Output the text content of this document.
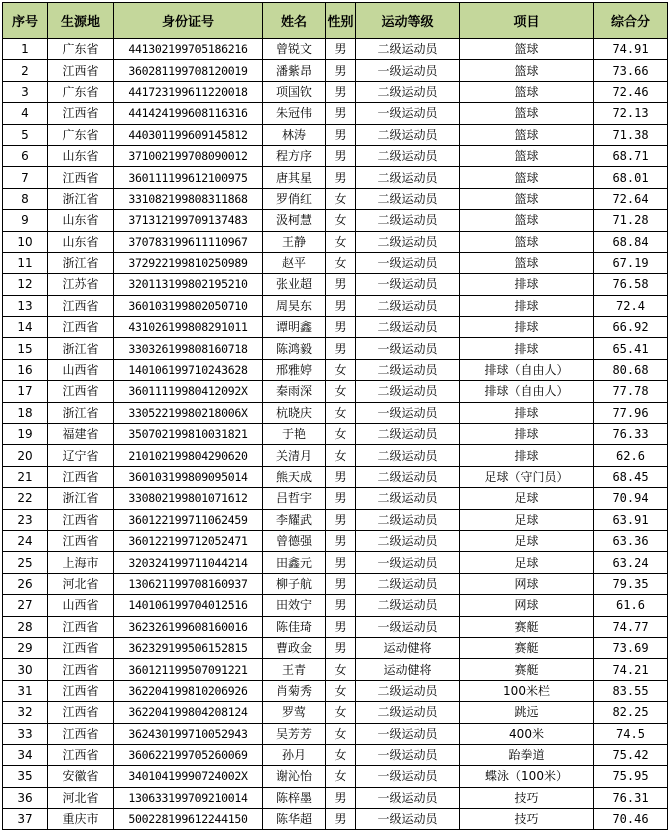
序号	生源地	身份证号	姓名	性别	运动等级	项目	综合分
1	广东省	441302199705186216	曾锐文	男	二级运动员	篮球	74.91
2	江西省	360281199708120019	潘紫昂	男	一级运动员	篮球	73.66
3	广东省	441723199611220018	项国钦	男	二级运动员	篮球	72.46
4	江西省	441424199608116316	朱冠伟	男	一级运动员	篮球	72.13
5	广东省	440301199609145812	林涛	男	二级运动员	篮球	71.38
6	山东省	371002199708090012	程方序	男	二级运动员	篮球	68.71
7	江西省	360111199612100975	唐其星	男	二级运动员	篮球	68.01
8	浙江省	331082199808311868	罗俏红	女	二级运动员	篮球	72.64
9	山东省	371312199709137483	汲柯慧	女	二级运动员	篮球	71.28
10	山东省	370783199611110967	王静	女	二级运动员	篮球	68.84
11	浙江省	372922199810250989	赵平	女	一级运动员	篮球	67.19
12	江苏省	320113199802195210	张业超	男	一级运动员	排球	76.58
13	江西省	360103199802050710	周昊东	男	二级运动员	排球	72.4
14	江西省	431026199808291011	谭明鑫	男	二级运动员	排球	66.92
15	浙江省	330326199808160718	陈鸿毅	男	一级运动员	排球	65.41
16	山西省	140106199710243628	邢雅婷	女	二级运动员	排球（自由人）	80.68
17	江西省	36011119980412092X	秦雨深	女	二级运动员	排球（自由人）	77.78
18	浙江省	33052219980218006X	杭晓庆	女	一级运动员	排球	77.96
19	福建省	350702199810031821	于艳	女	二级运动员	排球	76.33
20	辽宁省	210102199804290620	关清月	女	二级运动员	排球	62.6
21	江西省	360103199809095014	熊天成	男	二级运动员	足球（守门员）	68.45
22	浙江省	330802199801071612	吕哲宇	男	二级运动员	足球	70.94
23	江西省	360122199711062459	李耀武	男	二级运动员	足球	63.91
24	江西省	360122199712052471	曾德强	男	二级运动员	足球	63.36
25	上海市	320324199711044214	田鑫元	男	一级运动员	足球	63.24
26	河北省	130621199708160937	柳子航	男	二级运动员	网球	79.35
27	山西省	140106199704012516	田效宁	男	二级运动员	网球	61.6
28	江西省	362326199608160016	陈佳琦	男	一级运动员	赛艇	74.77
29	江西省	362329199506152815	曹政金	男	运动健将	赛艇	73.69
30	江西省	360121199507091221	王青	女	运动健将	赛艇	74.21
31	江西省	362204199810206926	肖菊秀	女	二级运动员	100米栏	83.55
32	江西省	362204199804208124	罗莺	女	二级运动员	跳远	82.25
33	江西省	362430199710052943	吴芳芳	女	一级运动员	400米	74.5
34	江西省	360622199705260069	孙月	女	一级运动员	跆拳道	75.42
35	安徽省	34010419990724002X	谢沁怡	女	一级运动员	蝶泳（100米）	75.95
36	河北省	130633199709210014	陈梓墨	男	一级运动员	技巧	76.31
37	重庆市	500228199612244150	陈华超	男	一级运动员	技巧	70.46
